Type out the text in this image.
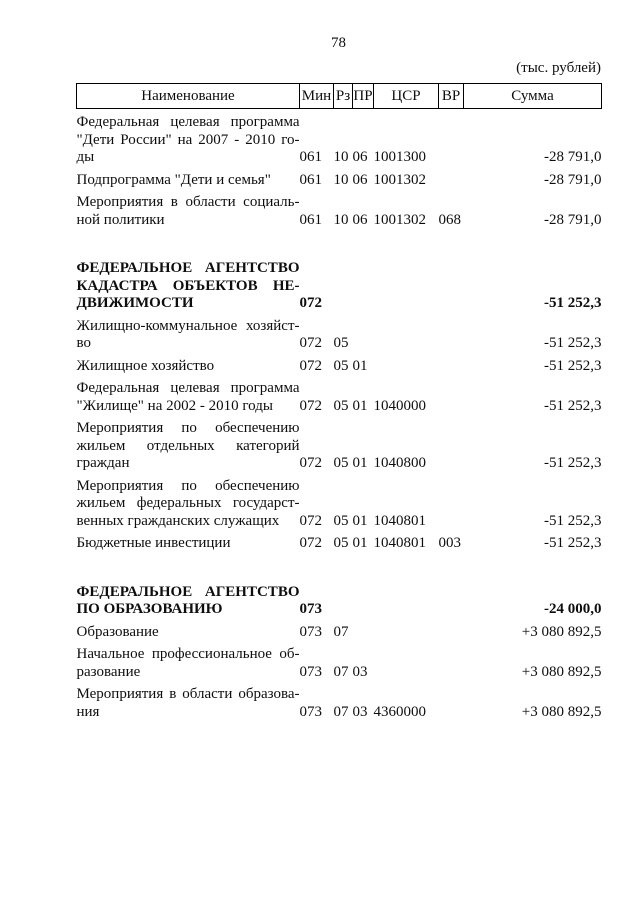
78
(тыс. рублей)
Наименование	Мин	Рз	ПР	ЦСР	ВР	Сумма

Федеральная целевая программа
"Дети России" на 2007 - 2010 го-
ды	061	10	06	1001300		-28 791,0

Подпрограмма "Дети и семья"	061	10	06	1001302		-28 791,0

Мероприятия в области социаль-
ной политики	061	10	06	1001302	068	-28 791,0

ФЕДЕРАЛЬНОЕ АГЕНТСТВО
КАДАСТРА ОБЪЕКТОВ НЕ-
ДВИЖИМОСТИ	072					-51 252,3

Жилищно-коммунальное хозяйст-
во	072	05				-51 252,3

Жилищное хозяйство	072	05	01			-51 252,3

Федеральная целевая программа
"Жилище" на 2002 - 2010 годы	072	05	01	1040000		-51 252,3

Мероприятия по обеспечению
жильем отдельных категорий
граждан	072	05	01	1040800		-51 252,3

Мероприятия по обеспечению
жильем федеральных государст-
венных гражданских служащих	072	05	01	1040801		-51 252,3

Бюджетные инвестиции	072	05	01	1040801	003	-51 252,3

ФЕДЕРАЛЬНОЕ АГЕНТСТВО
ПО ОБРАЗОВАНИЮ	073					-24 000,0

Образование	073	07				+3 080 892,5

Начальное профессиональное об-
разование	073	07	03			+3 080 892,5

Мероприятия в области образова-
ния	073	07	03	4360000		+3 080 892,5
